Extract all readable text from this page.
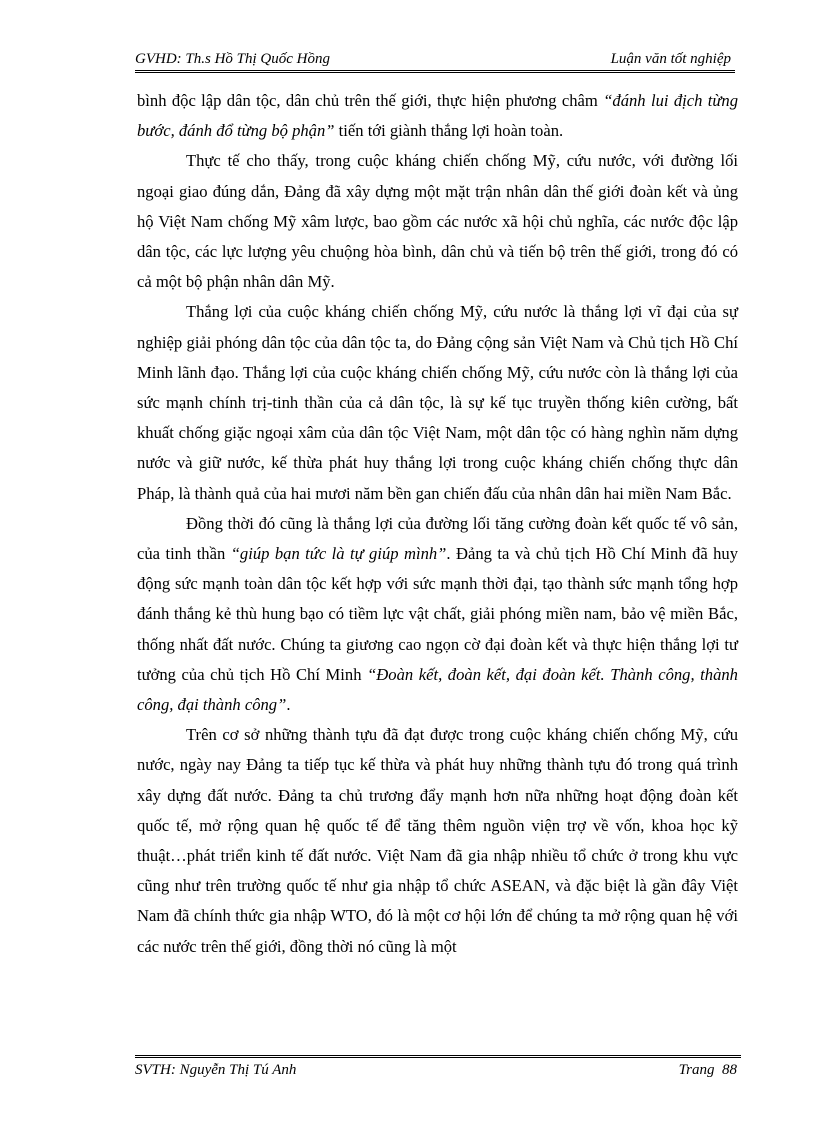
GVHD: Th.s Hồ Thị Quốc Hồng	Luận văn tốt nghiệp

bình độc lập dân tộc, dân chủ trên thế giới, thực hiện phương châm “đánh lui địch từng bước, đánh đổ từng bộ phận” tiến tới giành thắng lợi hoàn toàn.

Thực tế cho thấy, trong cuộc kháng chiến chống Mỹ, cứu nước, với đường lối ngoại giao đúng dắn, Đảng đã xây dựng một mặt trận nhân dân thế giới đoàn kết và ủng hộ Việt Nam chống Mỹ xâm lược, bao gồm các nước xã hội chủ nghĩa, các nước độc lập dân tộc, các lực lượng yêu chuộng hòa bình, dân chủ và tiến bộ trên thế giới, trong đó có cả một bộ phận nhân dân Mỹ.

Thắng lợi của cuộc kháng chiến chống Mỹ, cứu nước là thắng lợi vĩ đại của sự nghiệp giải phóng dân tộc của dân tộc ta, do Đảng cộng sản Việt Nam và Chủ tịch Hồ Chí Minh lãnh đạo. Thắng lợi của cuộc kháng chiến chống Mỹ, cứu nước còn là thắng lợi của sức mạnh chính trị-tinh thần của cả dân tộc, là sự kế tục truyền thống kiên cường, bất khuất chống giặc ngoại xâm của dân tộc Việt Nam, một dân tộc có hàng nghìn năm dựng nước và giữ nước, kế thừa phát huy thắng lợi trong cuộc kháng chiến chống thực dân Pháp, là thành quả của hai mươi năm bền gan chiến đấu của nhân dân hai miền Nam Bắc.

Đồng thời đó cũng là thắng lợi của đường lối tăng cường đoàn kết quốc tế vô sản, của tinh thần “giúp bạn tức là tự giúp mình”. Đảng ta và chủ tịch Hồ Chí Minh đã huy động sức mạnh toàn dân tộc kết hợp với sức mạnh thời đại, tạo thành sức mạnh tổng hợp đánh thắng kẻ thù hung bạo có tiềm lực vật chất, giải phóng miền nam, bảo vệ miền Bắc, thống nhất đất nước. Chúng ta giương cao ngọn cờ đại đoàn kết và thực hiện thắng lợi tư tưởng của chủ tịch Hồ Chí Minh “Đoàn kết, đoàn kết, đại đoàn kết. Thành công, thành công, đại thành công”.

Trên cơ sở những thành tựu đã đạt được trong cuộc kháng chiến chống Mỹ, cứu nước, ngày nay Đảng ta tiếp tục kế thừa và phát huy những thành tựu đó trong quá trình xây dựng đất nước. Đảng ta chủ trương đẩy mạnh hơn nữa những hoạt động đoàn kết quốc tế, mở rộng quan hệ quốc tế để tăng thêm nguồn viện trợ về vốn, khoa học kỹ thuật…phát triển kinh tế đất nước. Việt Nam đã gia nhập nhiều tổ chức ở trong khu vực cũng như trên trường quốc tế như gia nhập tổ chức ASEAN, và đặc biệt là gần đây Việt Nam đã chính thức gia nhập WTO, đó là một cơ hội lớn để chúng ta mở rộng quan hệ với các nước trên thế giới, đồng thời nó cũng là một

SVTH: Nguyễn Thị Tú Anh	Trang 88
